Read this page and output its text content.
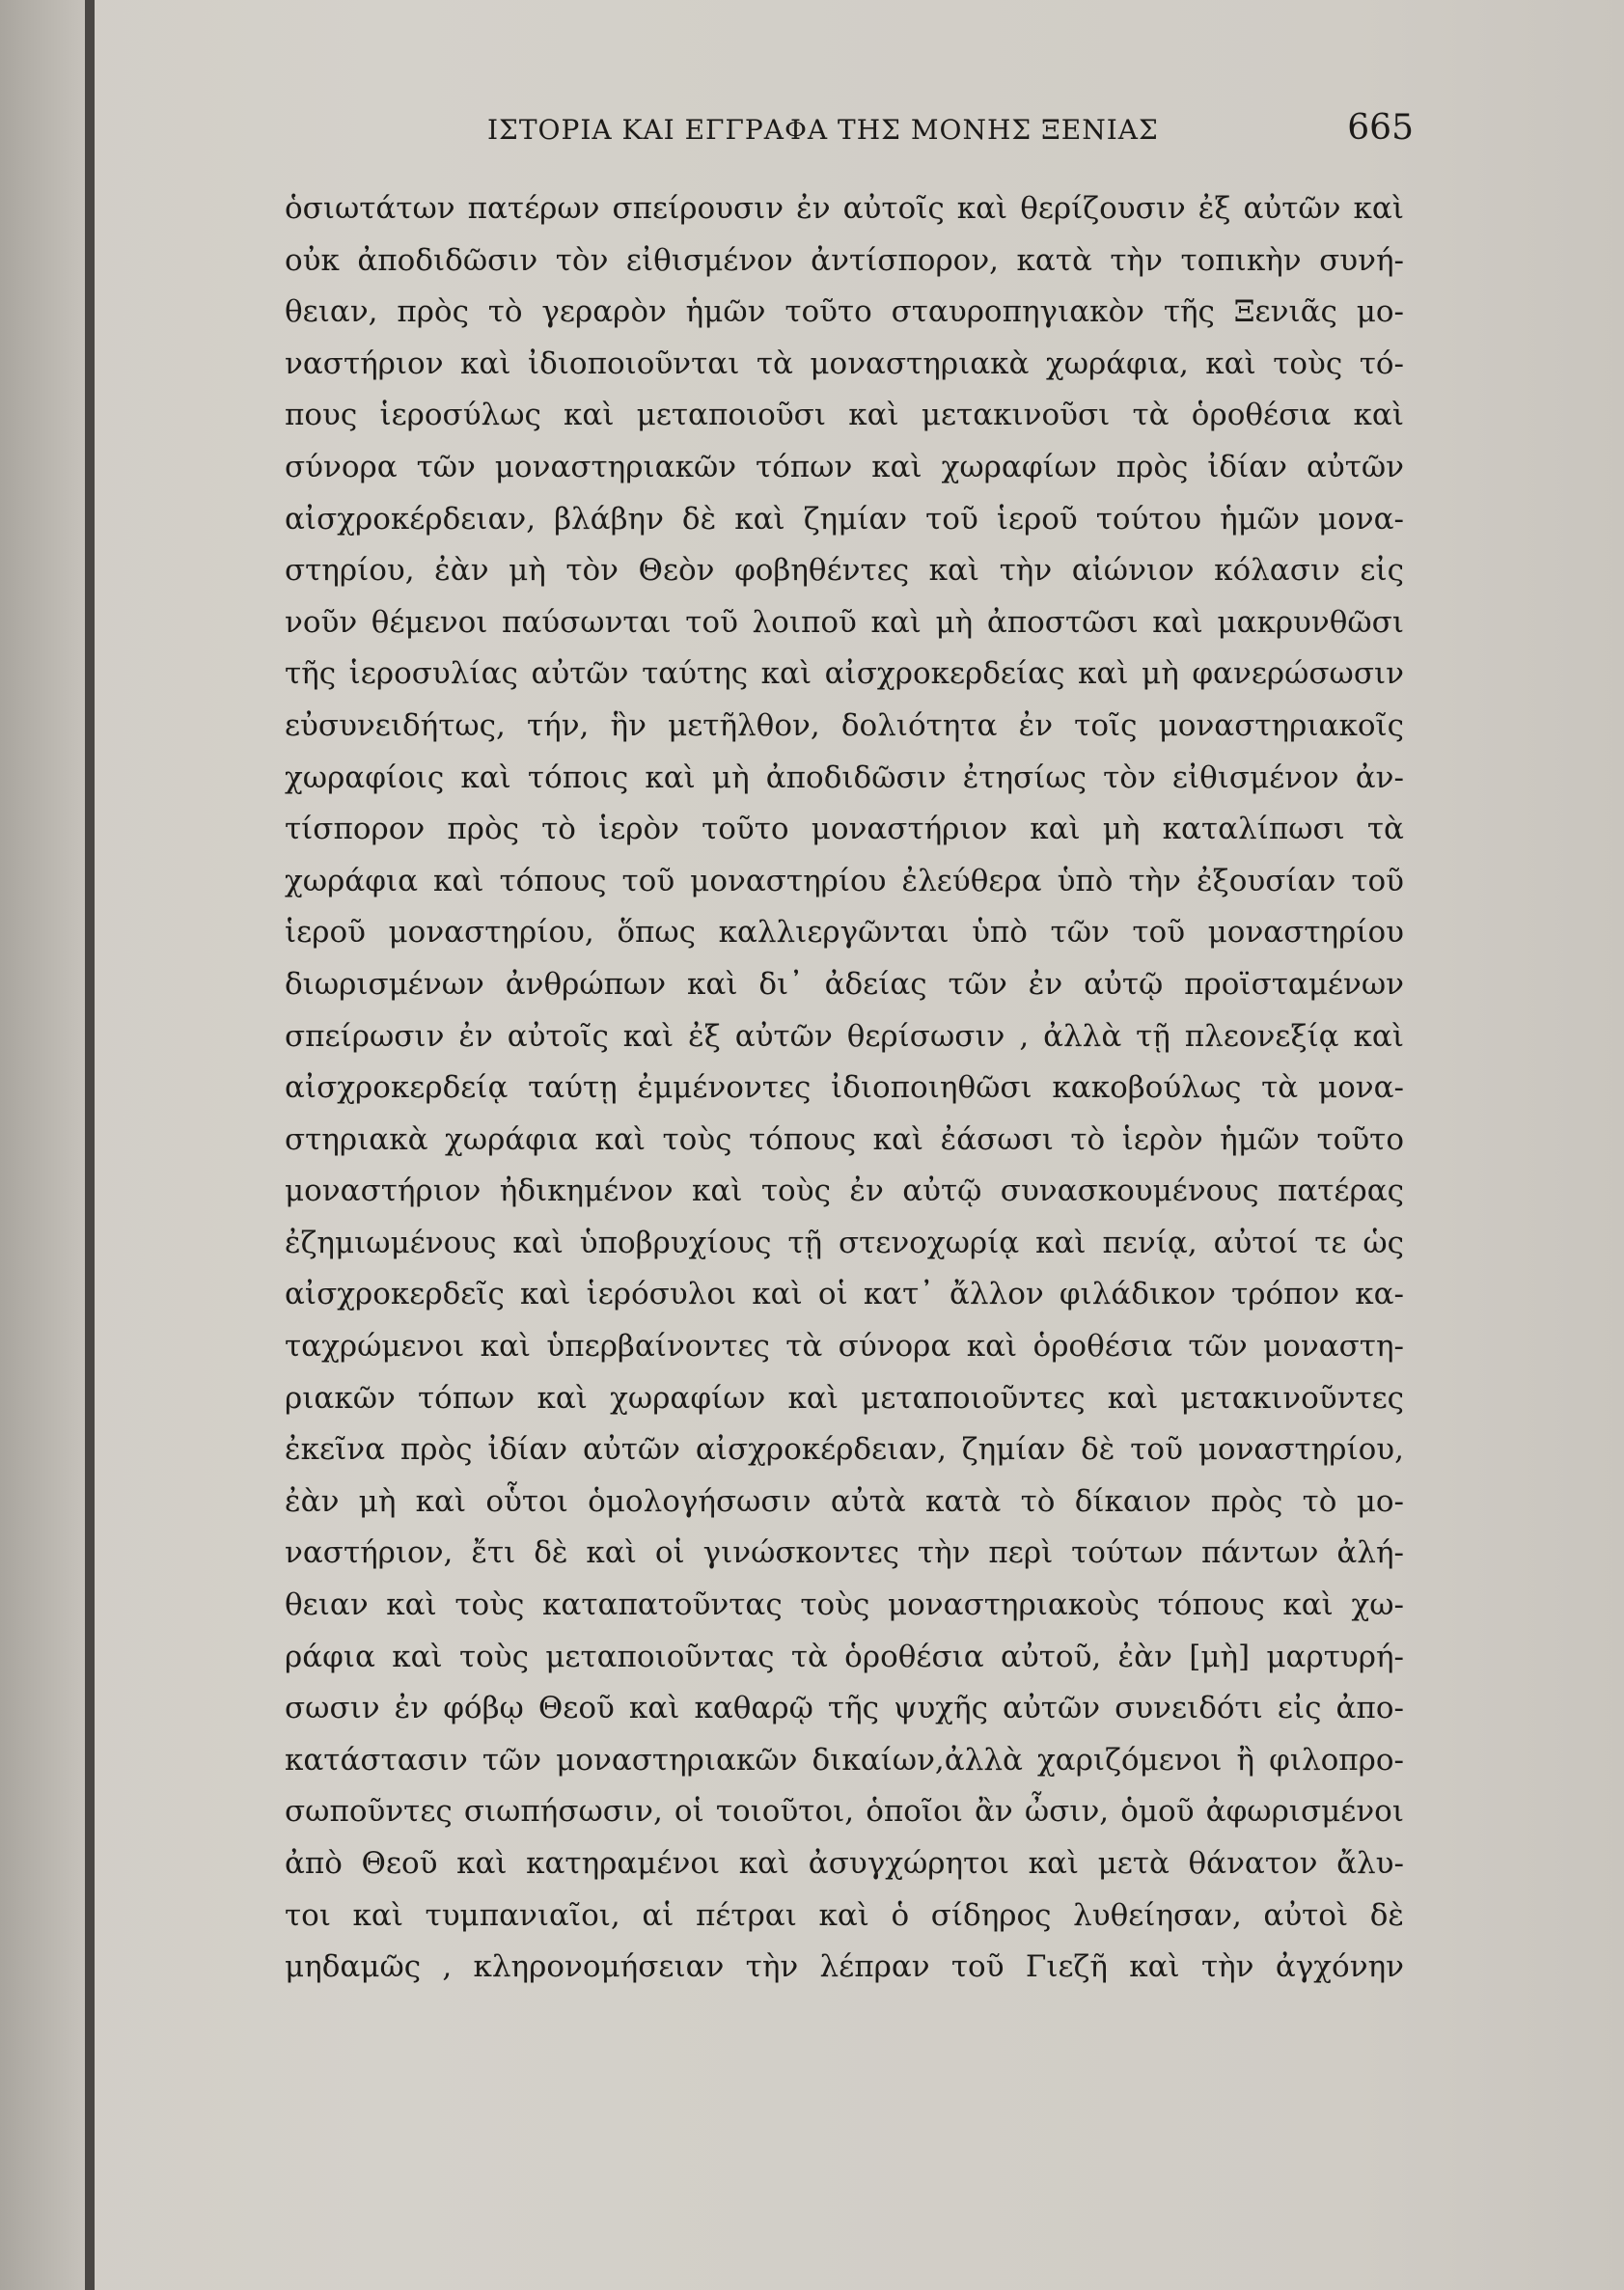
ΙΣΤΟΡΙΑ ΚΑΙ ΕΓΓΡΑΦΑ ΤΗΣ ΜΟΝΗΣ ΞΕΝΙΑΣ	665
ὁσιωτάτων πατέρων σπείρουσιν ἐν αὐτοῖς καὶ θερίζουσιν ἐξ αὐτῶν καὶ
οὐκ ἀποδιδῶσιν τὸν εἰθισμένον ἀντίσπορον, κατὰ τὴν τοπικὴν συνή-
θειαν, πρὸς τὸ γεραρὸν ἡμῶν τοῦτο σταυροπηγιακὸν τῆς Ξενιᾶς μο-
ναστήριον καὶ ἰδιοποιοῦνται τὰ μοναστηριακὰ χωράφια, καὶ τοὺς τό-
πους ἱεροσύλως καὶ μεταποιοῦσι καὶ μετακινοῦσι τὰ ὁροθέσια καὶ
σύνορα τῶν μοναστηριακῶν τόπων καὶ χωραφίων πρὸς ἰδίαν αὐτῶν
αἰσχροκέρδειαν, βλάβην δὲ καὶ ζημίαν τοῦ ἱεροῦ τούτου ἡμῶν μονα-
στηρίου, ἐὰν μὴ τὸν Θεὸν φοβηθέντες καὶ τὴν αἰώνιον κόλασιν εἰς
νοῦν θέμενοι παύσωνται τοῦ λοιποῦ καὶ μὴ ἀποστῶσι καὶ μακρυνθῶσι
τῆς ἱεροσυλίας αὐτῶν ταύτης καὶ αἰσχροκερδείας καὶ μὴ φανερώσωσιν
εὐσυνειδήτως, τήν, ἣν μετῆλθον, δολιότητα ἐν τοῖς μοναστηριακοῖς
χωραφίοις καὶ τόποις καὶ μὴ ἀποδιδῶσιν ἐτησίως τὸν εἰθισμένον ἀν-
τίσπορον πρὸς τὸ ἱερὸν τοῦτο μοναστήριον καὶ μὴ καταλίπωσι τὰ
χωράφια καὶ τόπους τοῦ μοναστηρίου ἐλεύθερα ὑπὸ τὴν ἐξουσίαν τοῦ
ἱεροῦ μοναστηρίου, ὅπως καλλιεργῶνται ὑπὸ τῶν τοῦ μοναστηρίου
διωρισμένων ἀνθρώπων καὶ δι᾽ ἀδείας τῶν ἐν αὐτῷ προϊσταμένων
σπείρωσιν ἐν αὐτοῖς καὶ ἐξ αὐτῶν θερίσωσιν , ἀλλὰ τῇ πλεονεξίᾳ καὶ
αἰσχροκερδείᾳ ταύτῃ ἐμμένοντες ἰδιοποιηθῶσι κακοβούλως τὰ μονα-
στηριακὰ χωράφια καὶ τοὺς τόπους καὶ ἐάσωσι τὸ ἱερὸν ἡμῶν τοῦτο
μοναστήριον ἠδικημένον καὶ τοὺς ἐν αὐτῷ συνασκουμένους πατέρας
ἐζημιωμένους καὶ ὑποβρυχίους τῇ στενοχωρίᾳ καὶ πενίᾳ, αὐτοί τε ὡς
αἰσχροκερδεῖς καὶ ἱερόσυλοι καὶ οἱ κατ᾽ ἄλλον φιλάδικον τρόπον κα-
ταχρώμενοι καὶ ὑπερβαίνοντες τὰ σύνορα καὶ ὁροθέσια τῶν μοναστη-
ριακῶν τόπων καὶ χωραφίων καὶ μεταποιοῦντες καὶ μετακινοῦντες
ἐκεῖνα πρὸς ἰδίαν αὐτῶν αἰσχροκέρδειαν, ζημίαν δὲ τοῦ μοναστηρίου,
ἐὰν μὴ καὶ οὗτοι ὁμολογήσωσιν αὐτὰ κατὰ τὸ δίκαιον πρὸς τὸ μο-
ναστήριον, ἔτι δὲ καὶ οἱ γινώσκοντες τὴν περὶ τούτων πάντων ἀλή-
θειαν καὶ τοὺς καταπατοῦντας τοὺς μοναστηριακοὺς τόπους καὶ χω-
ράφια καὶ τοὺς μεταποιοῦντας τὰ ὁροθέσια αὐτοῦ, ἐὰν [μὴ] μαρτυρή-
σωσιν ἐν φόβῳ Θεοῦ καὶ καθαρῷ τῆς ψυχῆς αὐτῶν συνειδότι εἰς ἀπο-
κατάστασιν τῶν μοναστηριακῶν δικαίων,ἀλλὰ χαριζόμενοι ἢ φιλοπρο-
σωποῦντες σιωπήσωσιν, οἱ τοιοῦτοι, ὁποῖοι ἂν ὦσιν, ὁμοῦ ἀφωρισμένοι
ἀπὸ Θεοῦ καὶ κατηραμένοι καὶ ἀσυγχώρητοι καὶ μετὰ θάνατον ἄλυ-
τοι καὶ τυμπανιαῖοι, αἱ πέτραι καὶ ὁ σίδηρος λυθείησαν, αὐτοὶ δὲ
μηδαμῶς , κληρονομήσειαν τὴν λέπραν τοῦ Γιεζῆ καὶ τὴν ἀγχόνην
